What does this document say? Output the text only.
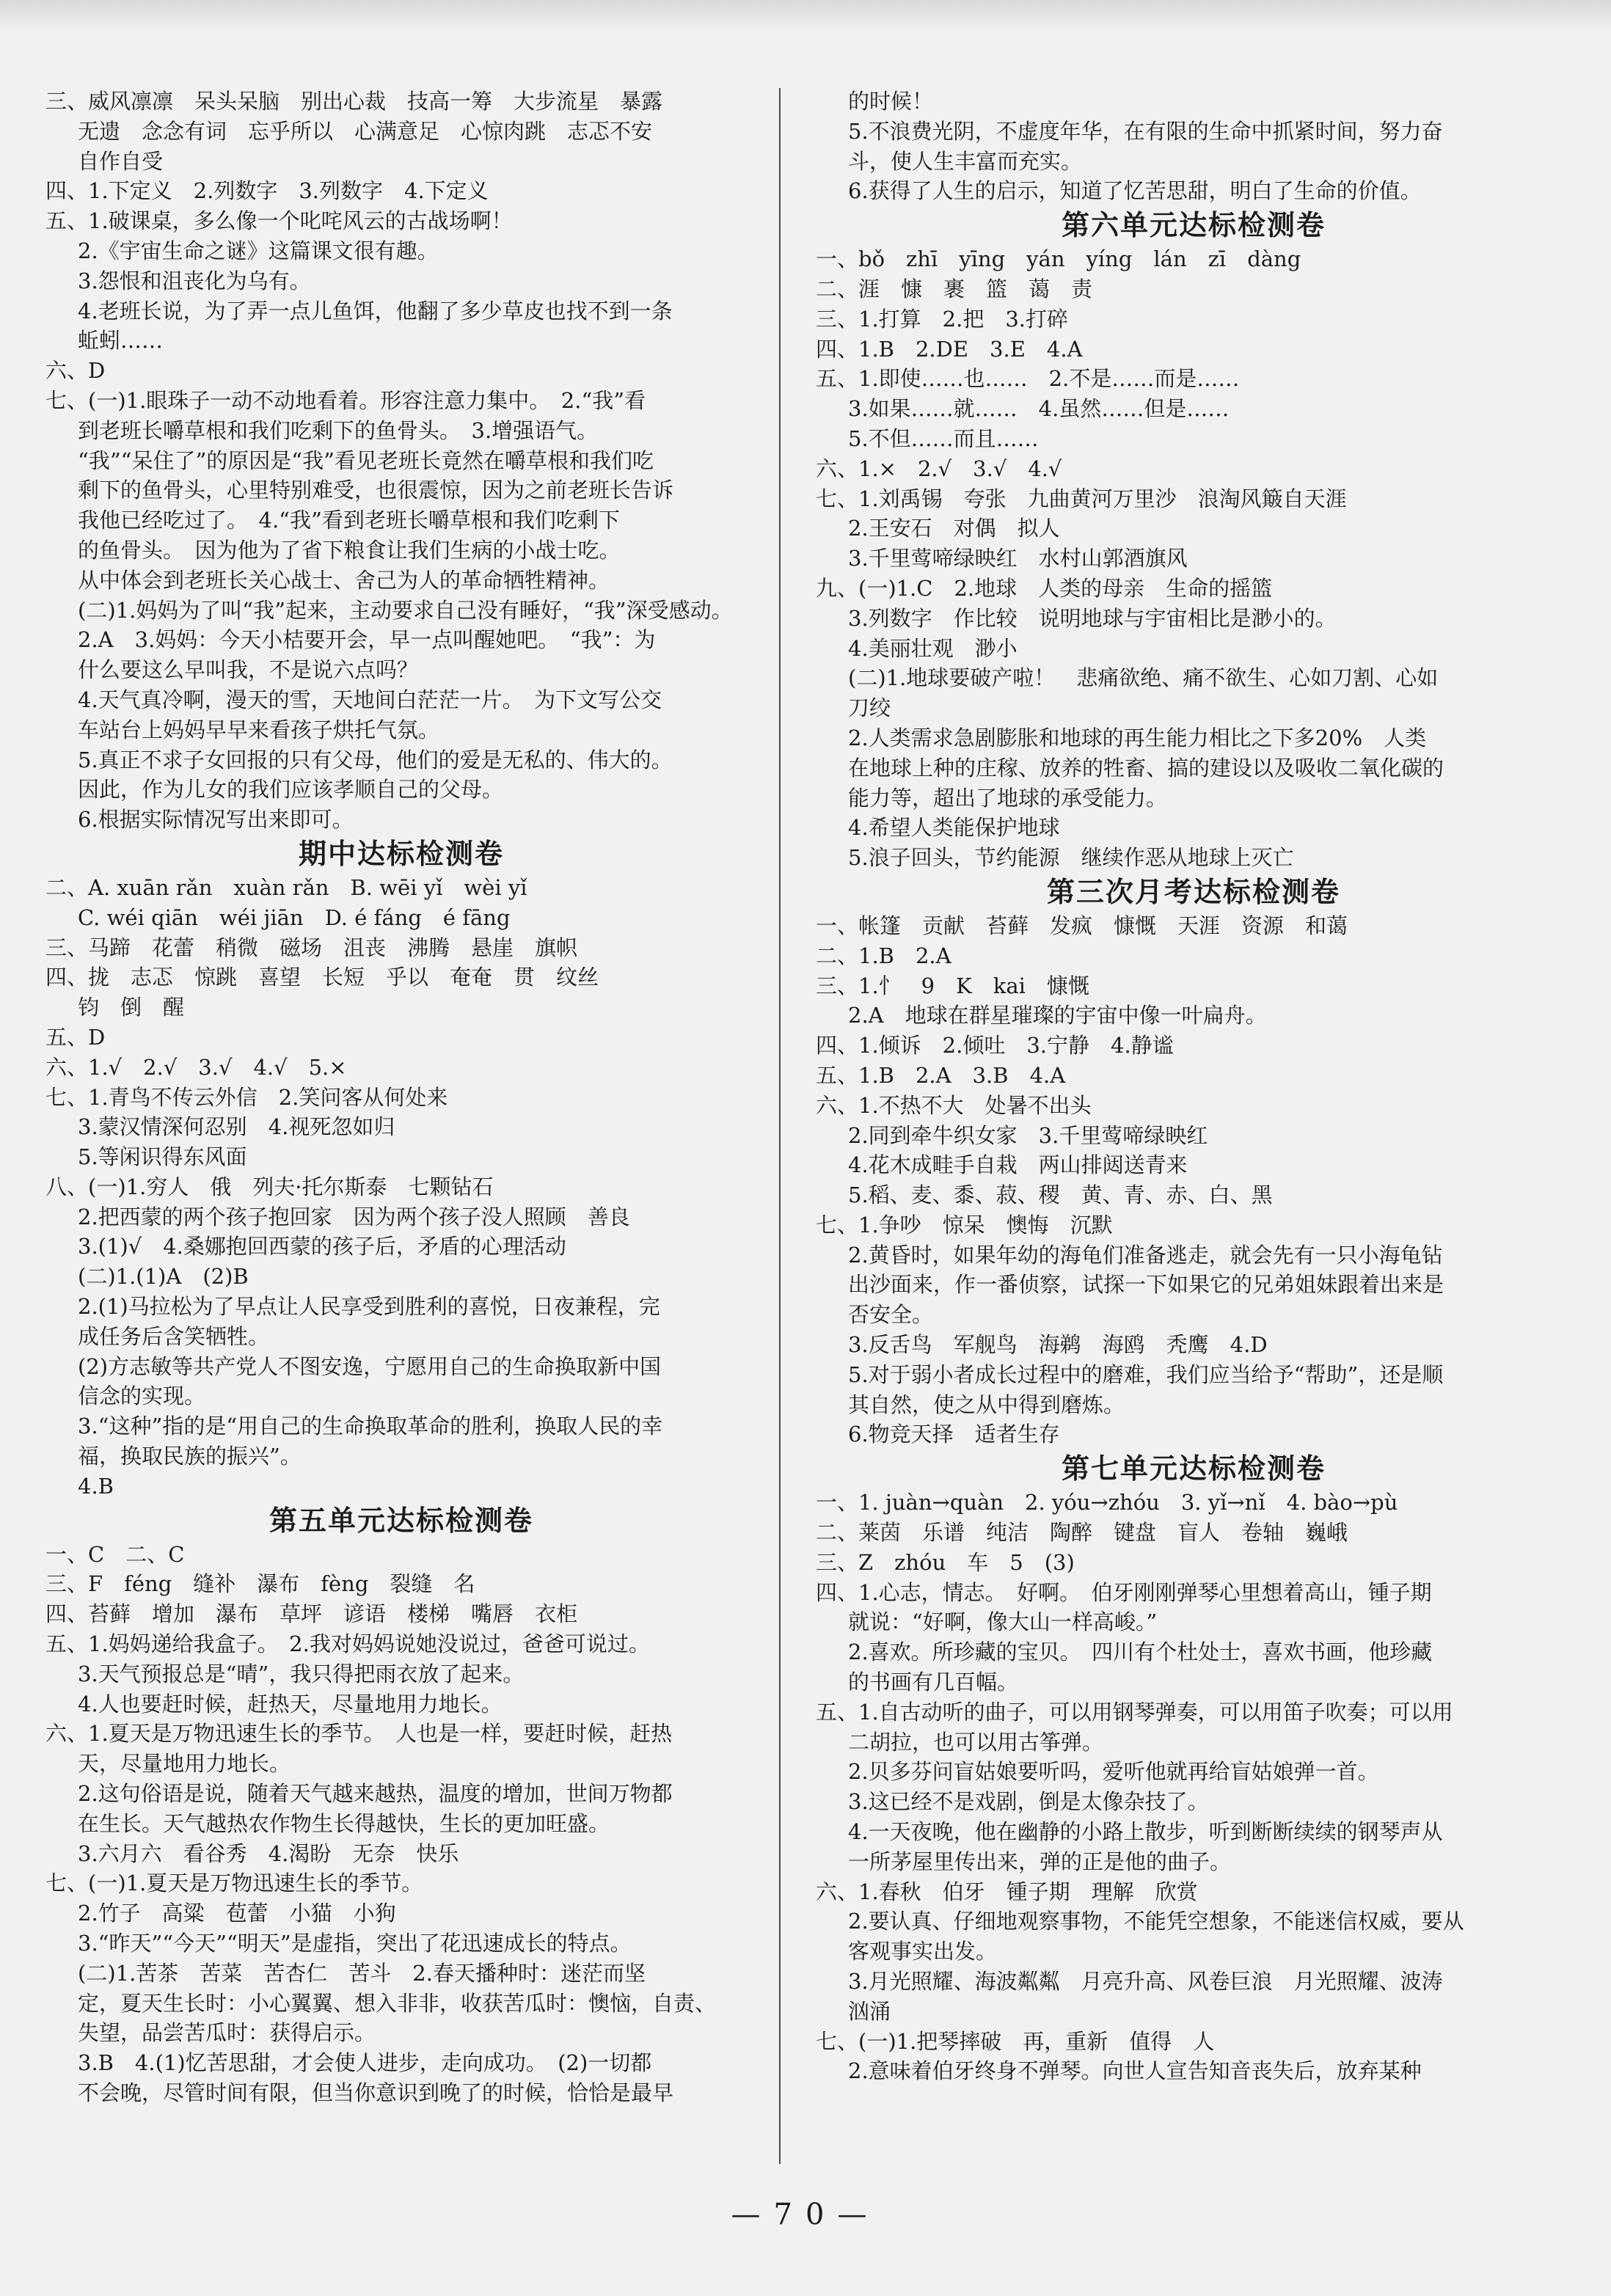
三、威风凛凛　呆头呆脑　别出心裁　技高一筹　大步流星　暴露
无遗　念念有词　忘乎所以　心满意足　心惊肉跳　志忑不安
自作自受
四、1.下定义　2.列数字　3.列数字　4.下定义
五、1.破课桌，多么像一个叱咤风云的古战场啊！
2.《宇宙生命之谜》这篇课文很有趣。
3.怨恨和沮丧化为乌有。
4.老班长说，为了弄一点儿鱼饵，他翻了多少草皮也找不到一条
蚯蚓……
六、D
七、(一)1.眼珠子一动不动地看着。形容注意力集中。　2.“我”看
到老班长嚼草根和我们吃剩下的鱼骨头。　3.增强语气。
“我”“呆住了”的原因是“我”看见老班长竟然在嚼草根和我们吃
剩下的鱼骨头，心里特别难受，也很震惊，因为之前老班长告诉
我他已经吃过了。　4.“我”看到老班长嚼草根和我们吃剩下
的鱼骨头。　因为他为了省下粮食让我们生病的小战士吃。
从中体会到老班长关心战士、舍己为人的革命牺牲精神。
(二)1.妈妈为了叫“我”起来，主动要求自己没有睡好，“我”深受感动。
2.A　3.妈妈：今天小桔要开会，早一点叫醒她吧。　“我”：为
什么要这么早叫我，不是说六点吗？
4.天气真冷啊，漫天的雪，天地间白茫茫一片。　为下文写公交
车站台上妈妈早早来看孩子烘托气氛。
5.真正不求子女回报的只有父母，他们的爱是无私的、伟大的。
因此，作为儿女的我们应该孝顺自己的父母。
6.根据实际情况写出来即可。
期中达标检测卷
二、A. xuān rǎn　xuàn rǎn　B. wēi yǐ　wèi yǐ
C. wéi qiān　wéi jiān　D. é fáng　é fāng
三、马蹄　花蕾　稍微　磁场　沮丧　沸腾　悬崖　旗帜
四、拢　志忑　惊跳　喜望　长短　乎以　奄奄　贯　纹丝
钧　倒　醒
五、D
六、1.√　2.√　3.√　4.√　5.×
七、1.青鸟不传云外信　2.笑问客从何处来
3.蒙汉情深何忍别　4.视死忽如归
5.等闲识得东风面
八、(一)1.穷人　俄　列夫·托尔斯泰　七颗钻石
2.把西蒙的两个孩子抱回家　因为两个孩子没人照顾　善良
3.(1)√　4.桑娜抱回西蒙的孩子后，矛盾的心理活动
(二)1.(1)A　(2)B
2.(1)马拉松为了早点让人民享受到胜利的喜悦，日夜兼程，完
成任务后含笑牺牲。
(2)方志敏等共产党人不图安逸，宁愿用自己的生命换取新中国
信念的实现。
3.“这种”指的是“用自己的生命换取革命的胜利，换取人民的幸
福，换取民族的振兴”。
4.B
第五单元达标检测卷
一、C　二、C
三、F　féng　缝补　瀑布　fèng　裂缝　名
四、苔藓　增加　瀑布　草坪　谚语　楼梯　嘴唇　衣柜
五、1.妈妈递给我盒子。　2.我对妈妈说她没说过，爸爸可说过。
3.天气预报总是“晴”，我只得把雨衣放了起来。
4.人也要赶时候，赶热天，尽量地用力地长。
六、1.夏天是万物迅速生长的季节。　人也是一样，要赶时候，赶热
天，尽量地用力地长。
2.这句俗语是说，随着天气越来越热，温度的增加，世间万物都
在生长。天气越热农作物生长得越快，生长的更加旺盛。
3.六月六　看谷秀　4.渴盼　无奈　快乐
七、(一)1.夏天是万物迅速生长的季节。
2.竹子　高粱　苞蕾　小猫　小狗
3.“昨天”“今天”“明天”是虚指，突出了花迅速成长的特点。
(二)1.苦茶　苦菜　苦杏仁　苦斗　2.春天播种时：迷茫而坚
定，夏天生长时：小心翼翼、想入非非，收获苦瓜时：懊恼，自责、
失望，品尝苦瓜时：获得启示。
3.B　4.(1)忆苦思甜，才会使人进步，走向成功。　(2)一切都
不会晚，尽管时间有限，但当你意识到晚了的时候，恰恰是最早
的时候！
5.不浪费光阴，不虚度年华，在有限的生命中抓紧时间，努力奋
斗，使人生丰富而充实。
6.获得了人生的启示，知道了忆苦思甜，明白了生命的价值。
第六单元达标检测卷
一、bǒ　zhī　yīng　yán　yíng　lán　zī　dàng
二、涯　慷　裹　篮　蔼　责
三、1.打算　2.把　3.打碎
四、1.B　2.DE　3.E　4.A
五、1.即使……也……　2.不是……而是……
3.如果……就……　4.虽然……但是……
5.不但……而且……
六、1.×　2.√　3.√　4.√
七、1.刘禹锡　夸张　九曲黄河万里沙　浪淘风簸自天涯
2.王安石　对偶　拟人
3.千里莺啼绿映红　水村山郭酒旗风
九、(一)1.C　2.地球　人类的母亲　生命的摇篮
3.列数字　作比较　说明地球与宇宙相比是渺小的。
4.美丽壮观　渺小
(二)1.地球要破产啦！　悲痛欲绝、痛不欲生、心如刀割、心如
刀绞
2.人类需求急剧膨胀和地球的再生能力相比之下多20%　人类
在地球上种的庄稼、放养的牲畜、搞的建设以及吸收二氧化碳的
能力等，超出了地球的承受能力。
4.希望人类能保护地球
5.浪子回头，节约能源　继续作恶从地球上灭亡
第三次月考达标检测卷
一、帐篷　贡献　苔藓　发疯　慷慨　天涯　资源　和蔼
二、1.B　2.A
三、1.忄　9　K　kai　慷慨
2.A　地球在群星璀璨的宇宙中像一叶扁舟。
四、1.倾诉　2.倾吐　3.宁静　4.静谧
五、1.B　2.A　3.B　4.A
六、1.不热不大　处暑不出头
2.同到牵牛织女家　3.千里莺啼绿映红
4.花木成畦手自栽　两山排闼送青来
5.稻、麦、黍、菽、稷　黄、青、赤、白、黑
七、1.争吵　惊呆　懊悔　沉默
2.黄昏时，如果年幼的海龟们准备逃走，就会先有一只小海龟钻
出沙面来，作一番侦察，试探一下如果它的兄弟姐妹跟着出来是
否安全。
3.反舌鸟　军舰鸟　海鹈　海鸥　秃鹰　4.D
5.对于弱小者成长过程中的磨难，我们应当给予“帮助”，还是顺
其自然，使之从中得到磨炼。
6.物竞天择　适者生存
第七单元达标检测卷
一、1. juàn→quàn　2. yóu→zhóu　3. yǐ→nǐ　4. bào→pù
二、莱茵　乐谱　纯洁　陶醉　键盘　盲人　卷轴　巍峨
三、Z　zhóu　车　5　(3)
四、1.心志，情志。　好啊。　伯牙刚刚弹琴心里想着高山，锺子期
就说：“好啊，像大山一样高峻。”
2.喜欢。所珍藏的宝贝。　四川有个杜处士，喜欢书画，他珍藏
的书画有几百幅。
五、1.自古动听的曲子，可以用钢琴弹奏，可以用笛子吹奏；可以用
二胡拉，也可以用古筝弹。
2.贝多芬问盲姑娘要听吗，爱听他就再给盲姑娘弹一首。
3.这已经不是戏剧，倒是太像杂技了。
4.一天夜晚，他在幽静的小路上散步，听到断断续续的钢琴声从
一所茅屋里传出来，弹的正是他的曲子。
六、1.春秋　伯牙　锺子期　理解　欣赏
2.要认真、仔细地观察事物，不能凭空想象，不能迷信权威，要从
客观事实出发。
3.月光照耀、海波粼粼　月亮升高、风卷巨浪　月光照耀、波涛
汹涌
七、(一)1.把琴摔破　再，重新　值得　人
2.意味着伯牙终身不弹琴。向世人宣告知音丧失后，放弃某种
—70—
